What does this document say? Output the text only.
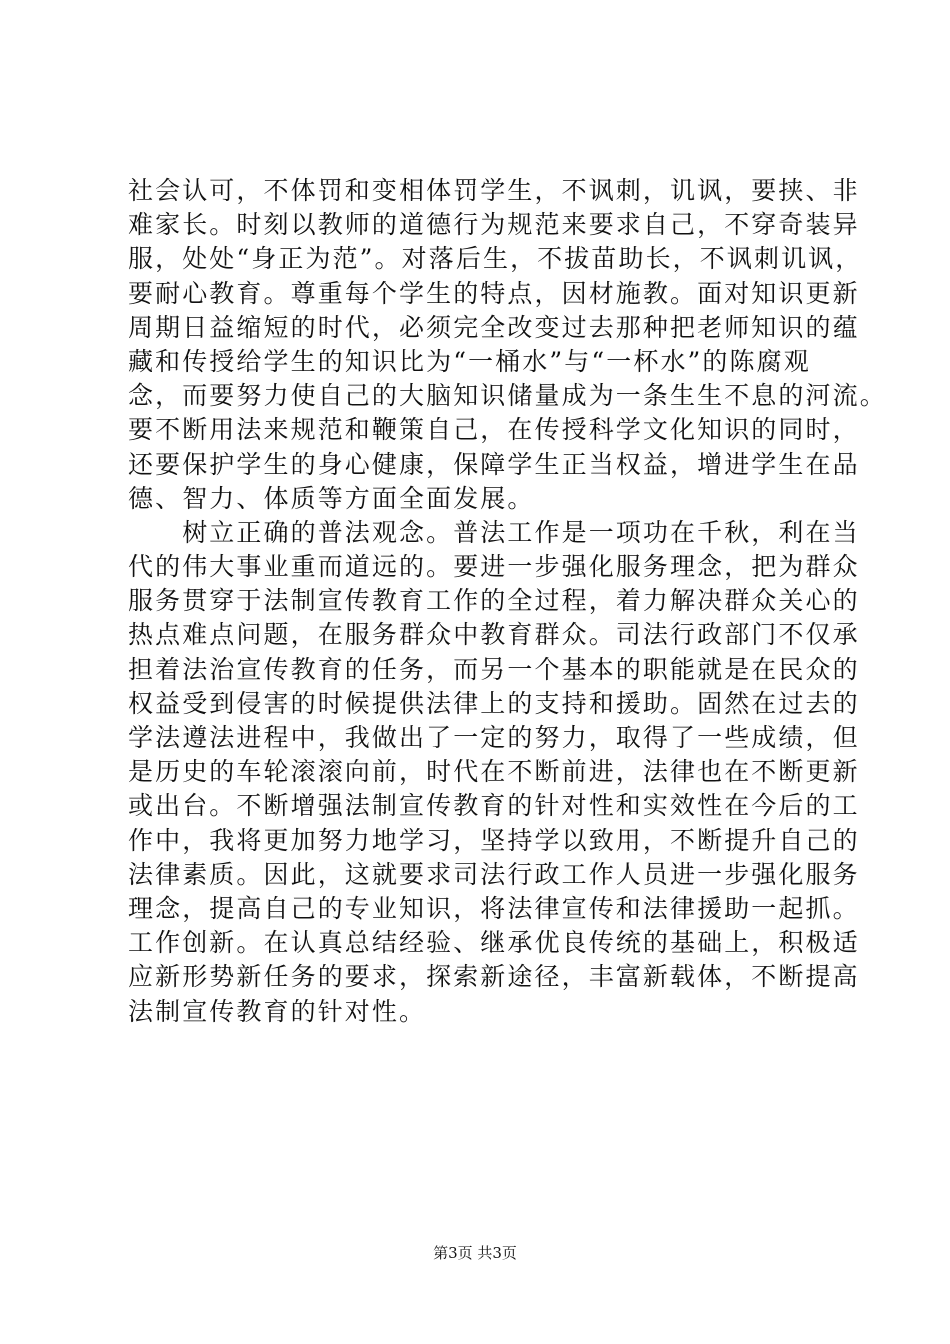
社会认可，不体罚和变相体罚学生，不讽刺，讥讽，要挟、非
难家长。时刻以教师的道德行为规范来要求自己，不穿奇装异
服，处处“身正为范”。对落后生，不拔苗助长，不讽刺讥讽，
要耐心教育。尊重每个学生的特点，因材施教。面对知识更新
周期日益缩短的时代，必须完全改变过去那种把老师知识的蕴
藏和传授给学生的知识比为“一桶水”与“一杯水”的陈腐观
念，而要努力使自己的大脑知识储量成为一条生生不息的河流。
要不断用法来规范和鞭策自己，在传授科学文化知识的同时，
还要保护学生的身心健康，保障学生正当权益，增进学生在品
德、智力、体质等方面全面发展。
　　树立正确的普法观念。普法工作是一项功在千秋，利在当
代的伟大事业重而道远的。要进一步强化服务理念，把为群众
服务贯穿于法制宣传教育工作的全过程，着力解决群众关心的
热点难点问题，在服务群众中教育群众。司法行政部门不仅承
担着法治宣传教育的任务，而另一个基本的职能就是在民众的
权益受到侵害的时候提供法律上的支持和援助。固然在过去的
学法遵法进程中，我做出了一定的努力，取得了一些成绩，但
是历史的车轮滚滚向前，时代在不断前进，法律也在不断更新
或出台。不断增强法制宣传教育的针对性和实效性在今后的工
作中，我将更加努力地学习，坚持学以致用，不断提升自己的
法律素质。因此，这就要求司法行政工作人员进一步强化服务
理念，提高自己的专业知识，将法律宣传和法律援助一起抓。
工作创新。在认真总结经验、继承优良传统的基础上，积极适
应新形势新任务的要求，探索新途径，丰富新载体，不断提高
法制宣传教育的针对性。
第3页 共3页
